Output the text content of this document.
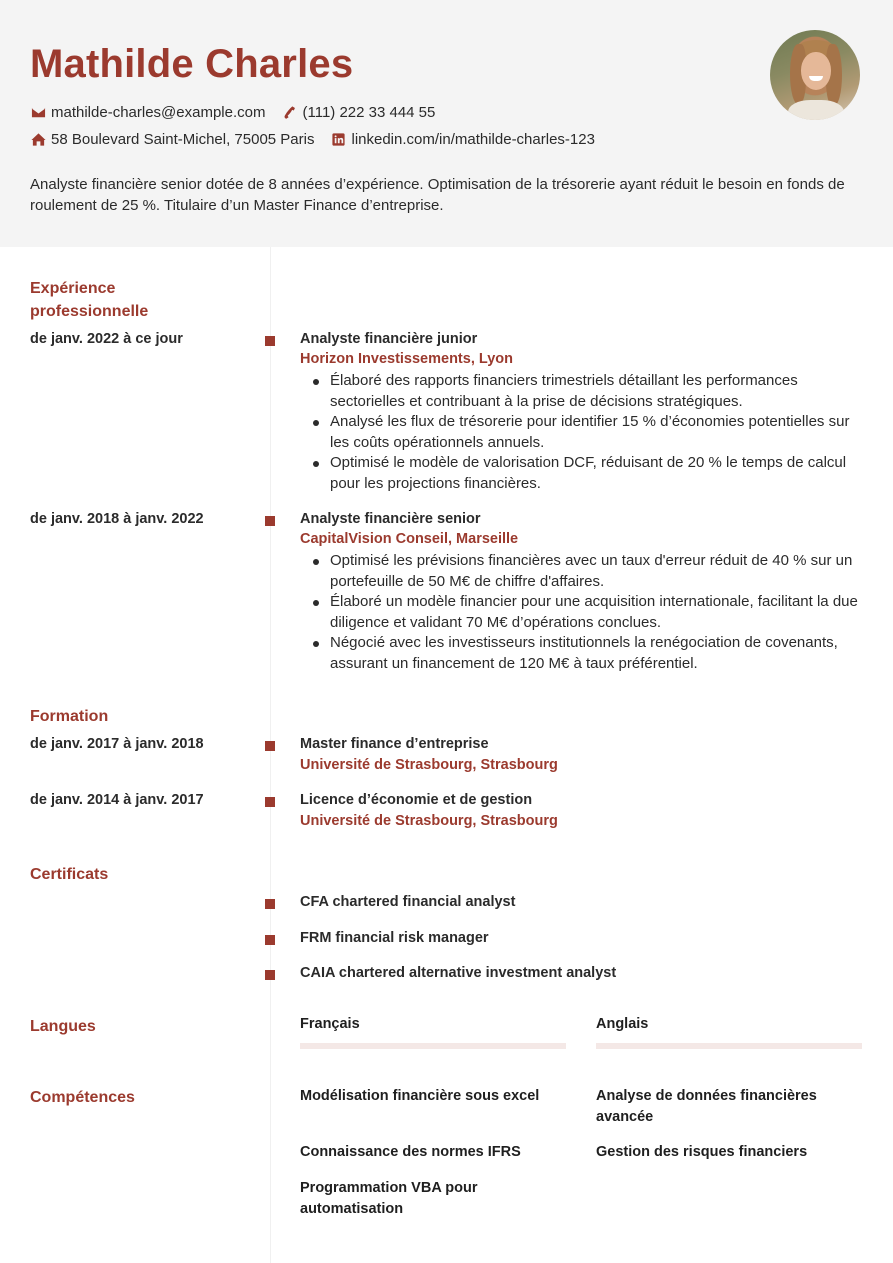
Mathilde Charles
mathilde-charles@example.com (111) 222 33 444 55
58 Boulevard Saint-Michel, 75005 Paris linkedin.com/in/mathilde-charles-123
Analyste financière senior dotée de 8 années d’expérience. Optimisation de la trésorerie ayant réduit le besoin en fonds de roulement de 25 %. Titulaire d’un Master Finance d’entreprise.
Expérience professionnelle
de janv. 2022 à ce jour	Analyste financière junior
Horizon Investissements, Lyon
Élaboré des rapports financiers trimestriels détaillant les performances sectorielles et contribuant à la prise de décisions stratégiques.
Analysé les flux de trésorerie pour identifier 15 % d’économies potentielles sur les coûts opérationnels annuels.
Optimisé le modèle de valorisation DCF, réduisant de 20 % le temps de calcul pour les projections financières.
de janv. 2018 à janv. 2022	Analyste financière senior
CapitalVision Conseil, Marseille
Optimisé les prévisions financières avec un taux d'erreur réduit de 40 % sur un portefeuille de 50 M€ de chiffre d'affaires.
Élaboré un modèle financier pour une acquisition internationale, facilitant la due diligence et validant 70 M€ d’opérations conclues.
Négocié avec les investisseurs institutionnels la renégociation de covenants, assurant un financement de 120 M€ à taux préférentiel.
Formation
de janv. 2017 à janv. 2018	Master finance d’entreprise
Université de Strasbourg, Strasbourg
de janv. 2014 à janv. 2017	Licence d’économie et de gestion
Université de Strasbourg, Strasbourg
Certificats
CFA chartered financial analyst
FRM financial risk manager
CAIA chartered alternative investment analyst
Langues	Français	Anglais
Compétences	Modélisation financière sous excel	Analyse de données financières avancée
Connaissance des normes IFRS	Gestion des risques financiers
Programmation VBA pour automatisation
